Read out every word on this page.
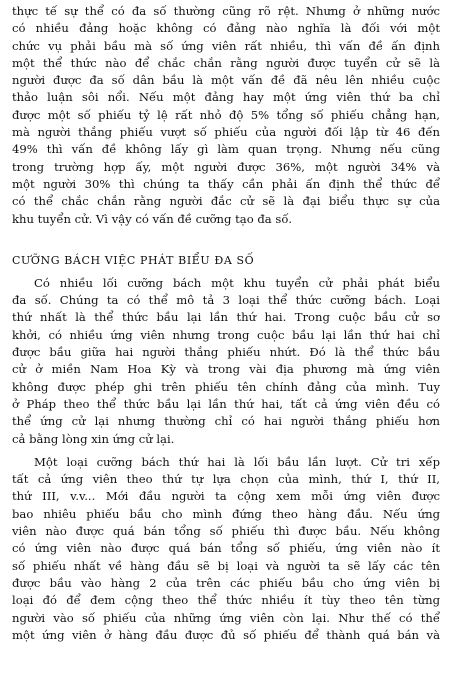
thực tế sự thể có đa số thường cũng rõ rệt. Nhưng ở những nước
có nhiều đảng hoặc không có đảng nào nghĩa là đối với một
chức vụ phải bầu mà số ứng viên rất nhiều, thì vấn đề ấn định
một thể thức nào để chắc chắn rằng người được tuyển cử sẽ là
người được đa số dân bầu là một vấn đề đã nêu lên nhiều cuộc
thảo luận sôi nổi. Nếu một đảng hay một ứng viên thứ ba chỉ
được một số phiếu tỷ lệ rất nhỏ độ 5% tổng số phiếu chẳng hạn,
mà người thắng phiếu vượt số phiếu của người đối lập từ 46 đến
49% thì vấn đề không lấy gì làm quan trọng. Nhưng nếu cũng
trong trường hợp ấy, một người được 36%, một người 34% và
một người 30% thì chúng ta thấy cần phải ấn định thể thức để
có thể chắc chắn rằng người đắc cử sẽ là đại biểu thực sự của
khu tuyển cử. Vì vậy có vấn đề cưỡng tạo đa số.
CƯỠNG BÁCH VIỆC PHÁT BIỂU ĐA SỐ
Có nhiều lối cưỡng bách một khu tuyển cử phải phát biểu
đa số. Chúng ta có thể mô tả 3 loại thể thức cưỡng bách. Loại
thứ nhất là thể thức bầu lại lần thứ hai. Trong cuộc bầu cử sơ
khởi, có nhiều ứng viên nhưng trong cuộc bầu lại lần thứ hai chỉ
được bầu giữa hai người thắng phiếu nhứt. Đó là thể thức bầu
cử ở miền Nam Hoa Kỳ và trong vài địa phương mà ứng viên
không được phép ghi trên phiếu tên chính đảng của mình. Tuy
ở Pháp theo thể thức bầu lại lần thứ hai, tất cả ứng viên đều có
thể ứng cử lại nhưng thường chỉ có hai người thắng phiếu hơn
cả bằng lòng xin ứng cử lại.
Một loại cưỡng bách thứ hai là lối bầu lần lượt. Cử tri xếp
tất cả ứng viên theo thứ tự lựa chọn của mình, thứ I, thứ II,
thứ III, v.v... Mới đầu người ta cộng xem mỗi ứng viên được
bao nhiêu phiếu bầu cho mình đứng theo hàng đầu. Nếu ứng
viên nào được quá bán tổng số phiếu thì được bầu. Nếu không
có ứng viên nào được quá bán tổng số phiếu, ứng viên nào ít
số phiếu nhất về hàng đầu sẽ bị loại và người ta sẽ lấy các tên
được bầu vào hàng 2 của trên các phiếu bầu cho ứng viên bị
loại đó để đem cộng theo thể thức nhiều ít tùy theo tên từng
người vào số phiếu của những ứng viên còn lại. Như thế có thể
một ứng viên ở hàng đầu được đủ số phiếu để thành quá bán và
